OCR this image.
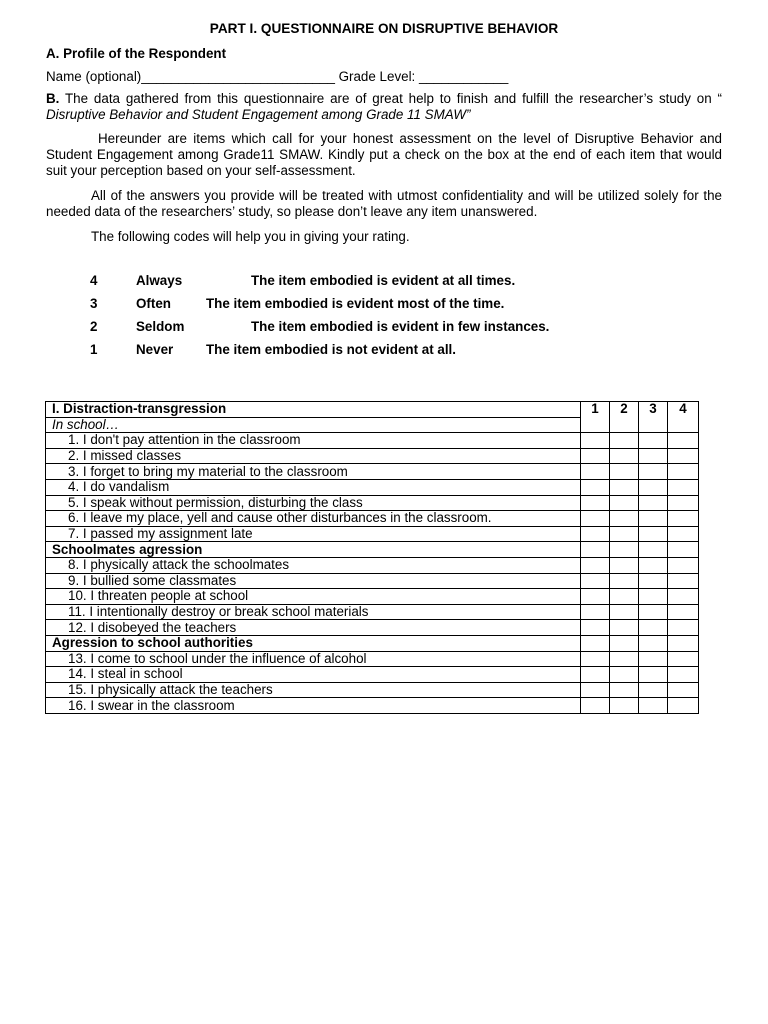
PART I. QUESTIONNAIRE ON DISRUPTIVE BEHAVIOR

A. Profile of the Respondent
Name (optional)__________________________ Grade Level: ____________

B. The data gathered from this questionnaire are of great help to finish and fulfill the researcher’s study on “ Disruptive Behavior and Student Engagement among Grade 11 SMAW”

Hereunder are items which call for your honest assessment on the level of Disruptive Behavior and Student Engagement among Grade11 SMAW. Kindly put a check on the box at the end of each item that would suit your perception based on your self-assessment.

All of the answers you provide will be treated with utmost confidentiality and will be utilized solely for the needed data of the researchers’ study, so please don’t leave any item unanswered.

The following codes will help you in giving your rating.
4	Always	The item embodied is evident at all times.
3	Often	The item embodied is evident most of the time.
2	Seldom	The item embodied is evident in few instances.
1	Never The item embodied is not evident at all.
I. Distraction-transgression	1	2	3	4
In school…				
1. I don't pay attention in the classroom				
2. I missed classes				
3. I forget to bring my material to the classroom				
4. I do vandalism				
5. I speak without permission, disturbing the class				
6. I leave my place, yell and cause other disturbances in the classroom.				
7. I passed my assignment late				
Schoolmates agression				
8. I physically attack the schoolmates				
9. I bullied some classmates				
10. I threaten people at school				
11. I intentionally destroy or break school materials				
12. I disobeyed the teachers				
Agression to school authorities				
13. I come to school under the influence of alcohol				
14. I steal in school				
15. I physically attack the teachers				
16. I swear in the classroom				
